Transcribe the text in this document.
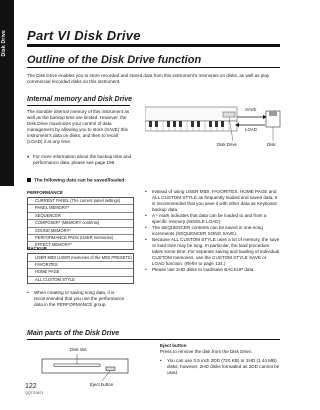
Disk Drive Part VI Disk Drive
Outline of the Disk Drive function
The Disk Drive enables you to store recorded and stored data from this instrument’s memories on disks, as well as play commercial recorded disks on this instrument.
Internal memory and Disk Drive
The storable internal memory of this instrument as well as the backup time are limited. However, the Disk Drive maximizes your control of data management by allowing you to store (SAVE) this instrument’s data on disks, and then to recall (LOAD) it at any time.
♦ For more information about the backup time and performance data, please see page 198.
SAVE
LOAD
Disk Drive	Disk
The following data can be saved/loaded:
PERFORMANCE
CURRENT PANEL (The current panel settings)
PANEL MEMORY*
SEQUENCER
COMPOSER* (MEMORY contents)
SOUND MEMORY*
PERFORMANCE PADS (USER memories)
EFFECT MEMORY*
BACKUP
USER MIDI (USER memories of the MIDI PRESETS)
FAVORITES
HOME PAGE
ALL CUSTOM STYLE
•	When creating or saving song data, it is recommended that you use the performance data in the PERFORMANCE group.
• Instead of using USER MIDI, FAVORITES, HOME PAGE and ALL CUSTOM STYLE as frequently loaded and saved data, it is recommended that you save it with other data as Keyboard backup data.
• A * mark indicates that data can be loaded to and from a specific memory (SINGLE LOAD).
• The SEQUENCER contents can be saved in one-song increments (SEQUENCER SONG SAVE).
• Because ALL CUSTOM STYLE uses a lot of memory, the save or load time may be long. In particular, the load procedure takes some time. For separate saving and loading of individual CUSTOM memories, use the CUSTOM STYLE SAVE or LOAD function. (Refer to page 134.)
• Please use 2HD disks to load/save BACKUP data.
Main parts of the Disk Drive
Disk slot
Eject button
Eject button
Press to remove the disk from the Disk Drive.
• You can use 3.5 inch 2DD (720 KB) or 2HD (1.44 MB) disks; however, 2HD disks formatted as 2DD cannot be used.
122
QQTG0671
